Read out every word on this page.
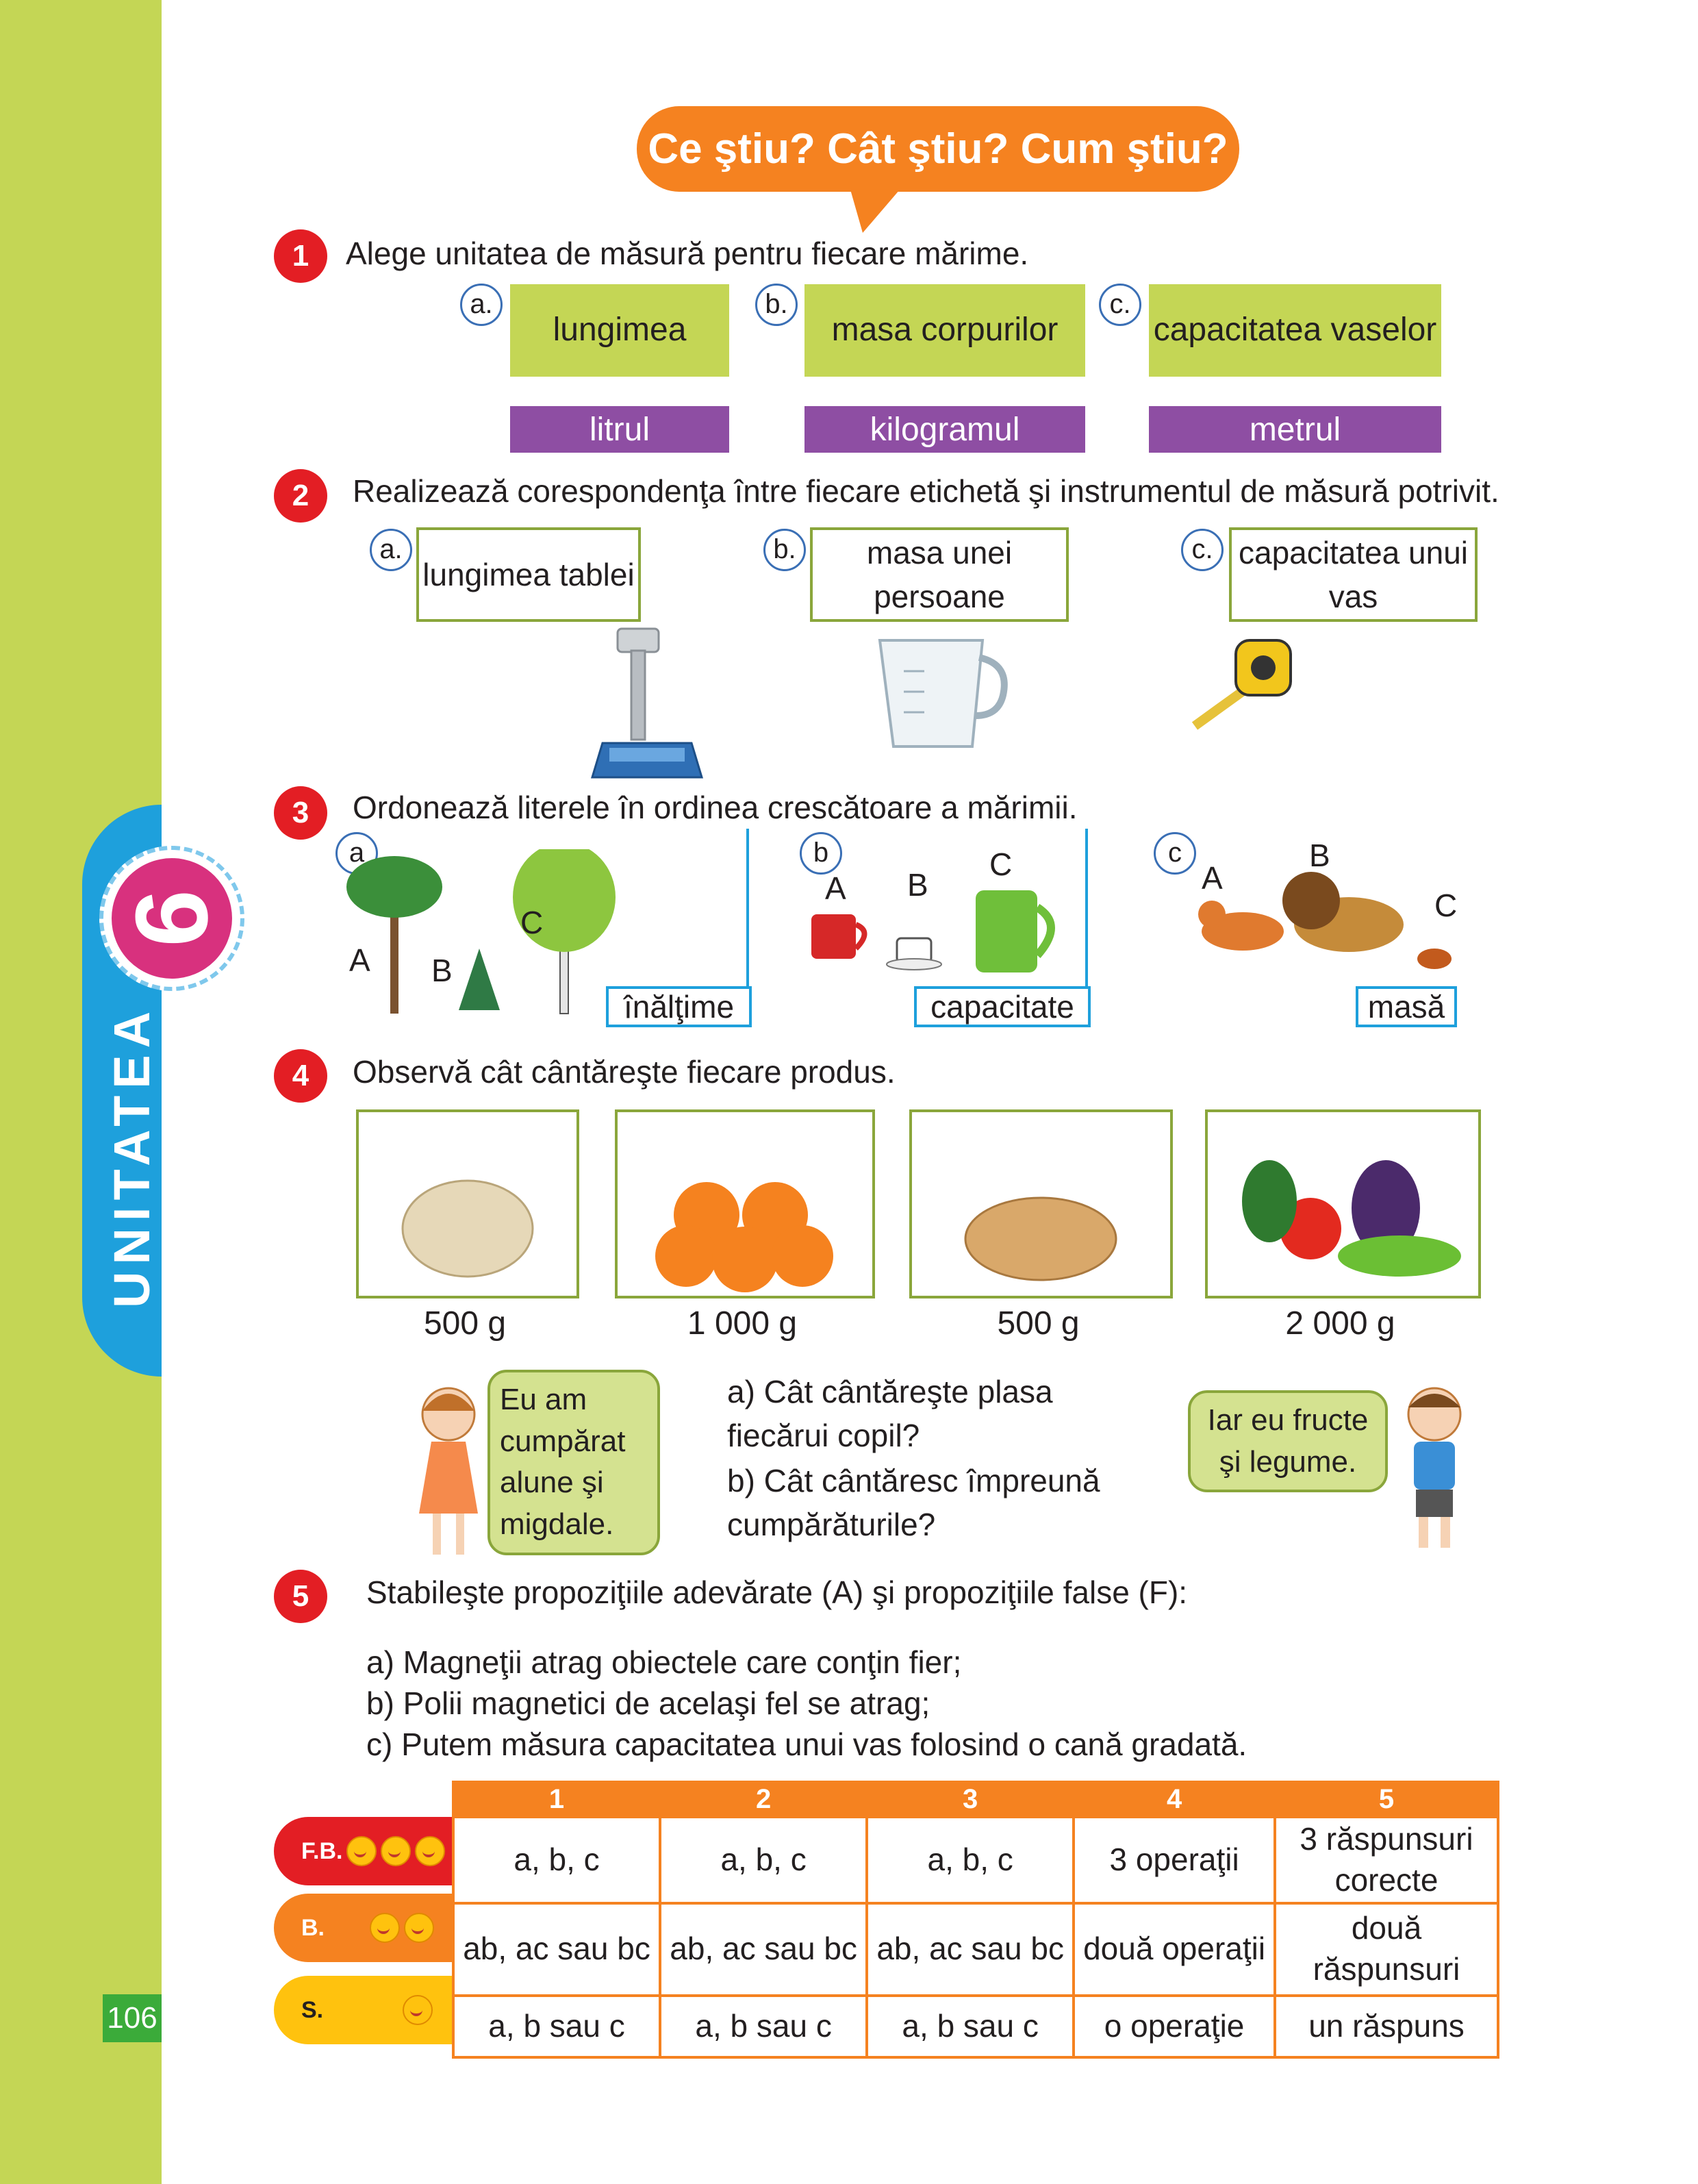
UNITATEA
9
106
Ce ştiu? Cât ştiu? Cum ştiu?
1	Alege unitatea de măsură pentru fiecare mărime.
a.
lungimea
b.
masa corpurilor
c.
capacitatea vaselor
litrul	kilogramul	metrul
2	Realizează corespondenţa între fiecare etichetă şi instrumentul de măsură potrivit.
a.
lungimea tablei
b.	masa unei persoane
c. capacitatea unui vas
3	Ordonează literele în ordinea crescătoare a mărimii.
a
A B
C
înălţime
b
A B
C
capacitate
c
A
B
C
masă
4	Observă cât cântăreşte fiecare produs.
500 g	1 000 g	500 g	2 000 g
Eu am cumpărat alune şi migdale.
a) Cât cântăreşte plasa fiecărui copil?
b) Cât cântăresc împreună cumpărăturile?
Iar eu fructe şi legume.
5	Stabileşte propoziţiile adevărate (A) şi propoziţiile false (F):
a) Magneţii atrag obiectele care conţin fier;
b) Polii magnetici de acelaşi fel se atrag;
c) Putem măsura capacitatea unui vas folosind o cană gradată.
F.B.
B.
S.
1	2	3	4	5
a, b, c	a, b, c	a, b, c	3 operaţii	3 răspunsuri corecte
ab, ac sau bc	ab, ac sau bc	ab, ac sau bc	două operaţii	două răspunsuri
a, b sau c	a, b sau c	a, b sau c	o operaţie	un răspuns
